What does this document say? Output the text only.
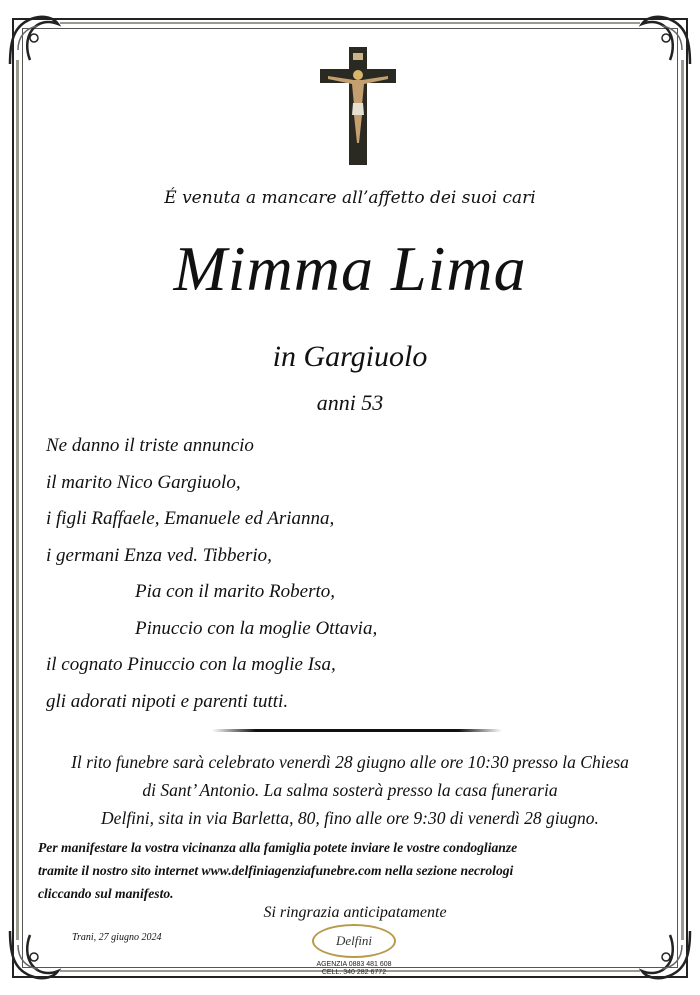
É venuta a mancare all’affetto dei suoi cari
Mimma Lima
in Gargiuolo
anni 53
Ne danno il triste annuncio
il marito Nico Gargiuolo,
i figli Raffaele, Emanuele ed Arianna,
i germani Enza ved. Tibberio,
Pia con il marito Roberto,
Pinuccio con la moglie Ottavia,
il cognato Pinuccio con la moglie Isa,
gli adorati nipoti e parenti tutti.
Il rito funebre sarà celebrato venerdì 28 giugno alle ore 10:30 presso la Chiesa
di Sant’ Antonio. La salma sosterà presso la casa funeraria
Delfini, sita in via Barletta, 80, fino alle ore 9:30 di venerdì 28 giugno.
Per manifestare la vostra vicinanza alla famiglia potete inviare le vostre condoglianze
tramite il nostro sito internet www.delfiniagenziafunebre.com nella sezione necrologi
cliccando sul manifesto.
Si ringrazia anticipatamente
Trani, 27 giugno 2024	Delfini
AGENZIA 0883 481 608
CELL. 340 282 6772
